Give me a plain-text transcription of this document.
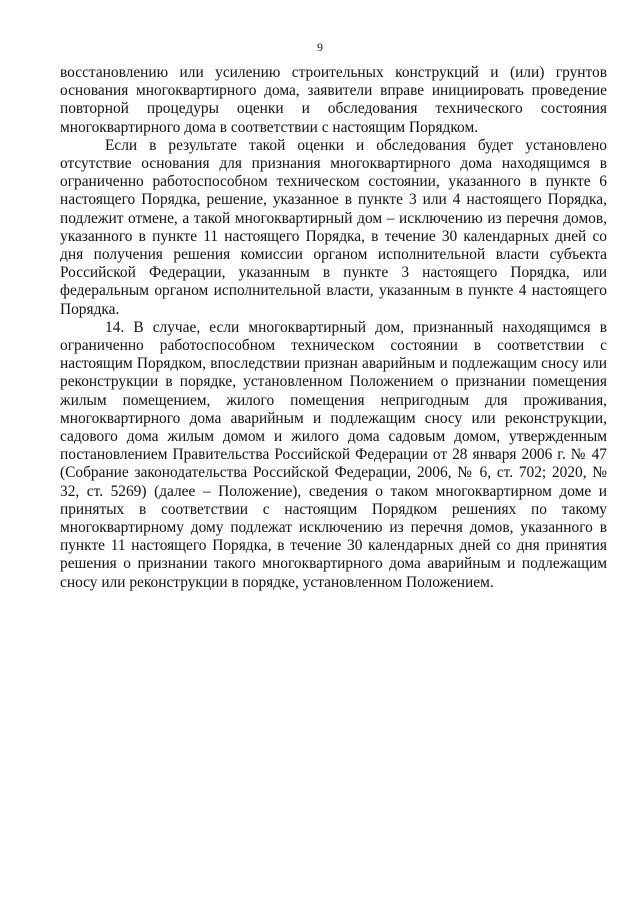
9

восстановлению или усилению строительных конструкций и (или) грунтов основания многоквартирного дома, заявители вправе инициировать проведение повторной процедуры оценки и обследования технического состояния многоквартирного дома в соответствии с настоящим Порядком.

Если в результате такой оценки и обследования будет установлено отсутствие основания для признания многоквартирного дома находящимся в ограниченно работоспособном техническом состоянии, указанного в пункте 6 настоящего Порядка, решение, указанное в пункте 3 или 4 настоящего Порядка, подлежит отмене, а такой многоквартирный дом – исключению из перечня домов, указанного в пункте 11 настоящего Порядка, в течение 30 календарных дней со дня получения решения комиссии органом исполнительной власти субъекта Российской Федерации, указанным в пункте 3 настоящего Порядка, или федеральным органом исполнительной власти, указанным в пункте 4 настоящего Порядка.

14. В случае, если многоквартирный дом, признанный находящимся в ограниченно работоспособном техническом состоянии в соответствии с настоящим Порядком, впоследствии признан аварийным и подлежащим сносу или реконструкции в порядке, установленном Положением о признании помещения жилым помещением, жилого помещения непригодным для проживания, многоквартирного дома аварийным и подлежащим сносу или реконструкции, садового дома жилым домом и жилого дома садовым домом, утвержденным постановлением Правительства Российской Федерации от 28 января 2006 г. № 47 (Собрание законодательства Российской Федерации, 2006, № 6, ст. 702; 2020, № 32, ст. 5269) (далее – Положение), сведения о таком многоквартирном доме и принятых в соответствии с настоящим Порядком решениях по такому многоквартирному дому подлежат исключению из перечня домов, указанного в пункте 11 настоящего Порядка, в течение 30 календарных дней со дня принятия решения о признании такого многоквартирного дома аварийным и подлежащим сносу или реконструкции в порядке, установленном Положением.
